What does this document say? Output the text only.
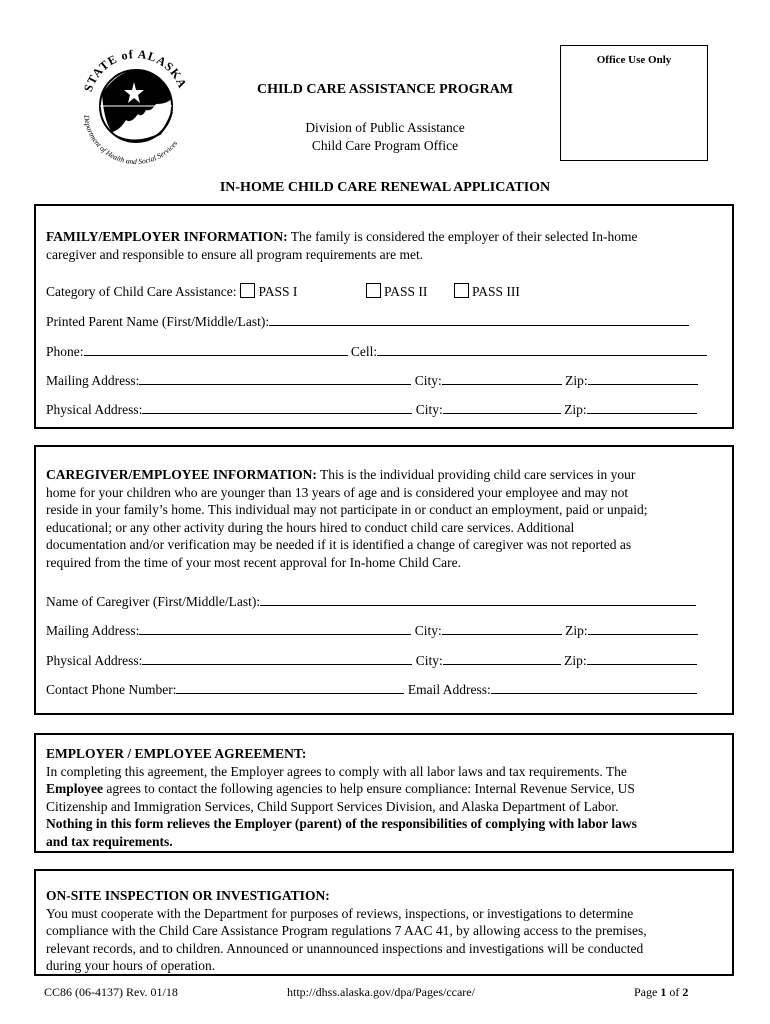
STATE of ALASKA
Department of Health and Social Services
CHILD CARE ASSISTANCE PROGRAM
Division of Public Assistance
Child Care Program Office
Office Use Only
IN-HOME CHILD CARE RENEWAL APPLICATION
FAMILY/EMPLOYER INFORMATION: The family is considered the employer of their selected In-home
caregiver and responsible to ensure all program requirements are met.
Category of Child Care Assistance: PASS I	PASS II	PASS III
Printed Parent Name (First/Middle/Last):
Phone:	Cell:
Mailing Address:	City:	Zip:
Physical Address:	City:	Zip:
CAREGIVER/EMPLOYEE INFORMATION: This is the individual providing child care services in your
home for your children who are younger than 13 years of age and is considered your employee and may not
reside in your family’s home. This individual may not participate in or conduct an employment, paid or unpaid;
educational; or any other activity during the hours hired to conduct child care services. Additional
documentation and/or verification may be needed if it is identified a change of caregiver was not reported as
required from the time of your most recent approval for In-home Child Care.
Name of Caregiver (First/Middle/Last):
Mailing Address:	City:	Zip:
Physical Address:	City:	Zip:
Contact Phone Number:	Email Address:
EMPLOYER / EMPLOYEE AGREEMENT:
In completing this agreement, the Employer agrees to comply with all labor laws and tax requirements. The
Employee agrees to contact the following agencies to help ensure compliance: Internal Revenue Service, US
Citizenship and Immigration Services, Child Support Services Division, and Alaska Department of Labor.
Nothing in this form relieves the Employer (parent) of the responsibilities of complying with labor laws
and tax requirements.
ON-SITE INSPECTION OR INVESTIGATION:
You must cooperate with the Department for purposes of reviews, inspections, or investigations to determine
compliance with the Child Care Assistance Program regulations 7 AAC 41, by allowing access to the premises,
relevant records, and to children. Announced or unannounced inspections and investigations will be conducted
during your hours of operation.
CC86 (06-4137) Rev. 01/18	http://dhss.alaska.gov/dpa/Pages/ccare/	Page 1 of 2
